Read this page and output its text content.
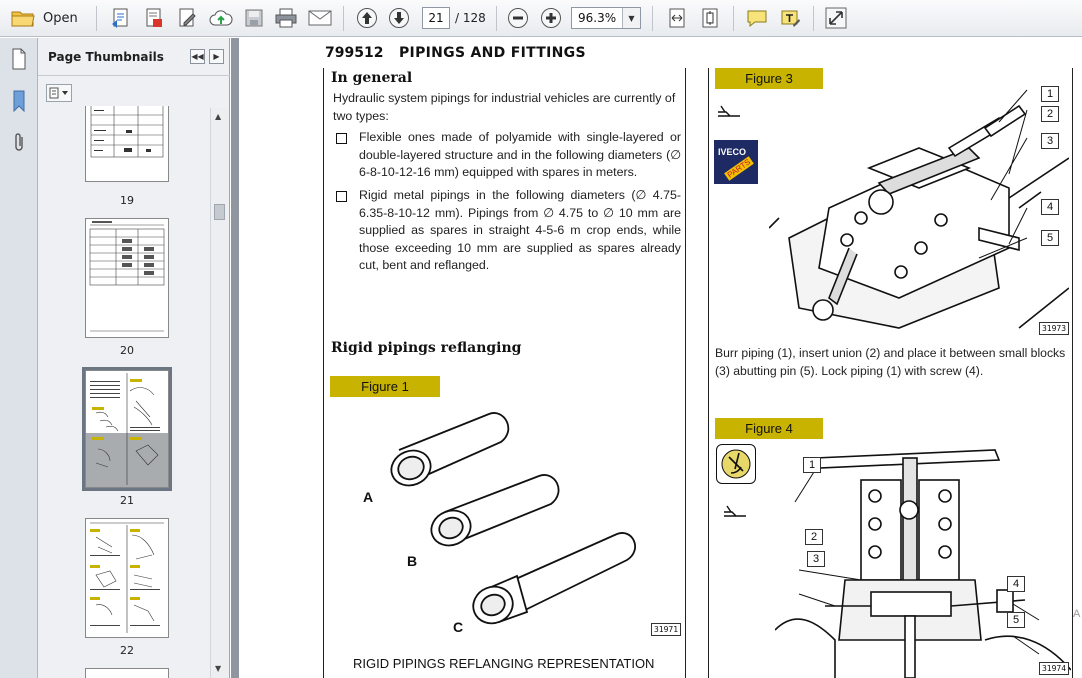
Open	21 / 128	96.3%	▼
Page Thumbnails	◀◀	▶
19
20
21
22
▲
▼
799512 PIPINGS AND FITTINGS
In general
Hydraulic system pipings for industrial vehicles are currently of two types:
Flexible ones made of polyamide with single-layered or double-layered structure and in the following diameters (∅ 6-8-10-12-16 mm) equipped with spares in meters.
Rigid metal pipings in the following diameters (∅ 4.75-6.35-8-10-12 mm). Pipings from ∅ 4.75 to ∅ 10 mm are supplied as spares in straight 4-5-6 m crop ends, while those exceeding 10 mm are supplied as spares already cut, bent and reflanged.
Rigid pipings reflanging
Figure 1
A
B
C	31971
RIGID PIPINGS REFLANGING REPRESENTATION
Figure 3
IVECO
PARTS
1
2
3
4
5
31973
Burr piping (1), insert union (2) and place it between small blocks (3) abutting pin (5). Lock piping (1) with screw (4).
Figure 4
1
2
3
4
5
31974
A
